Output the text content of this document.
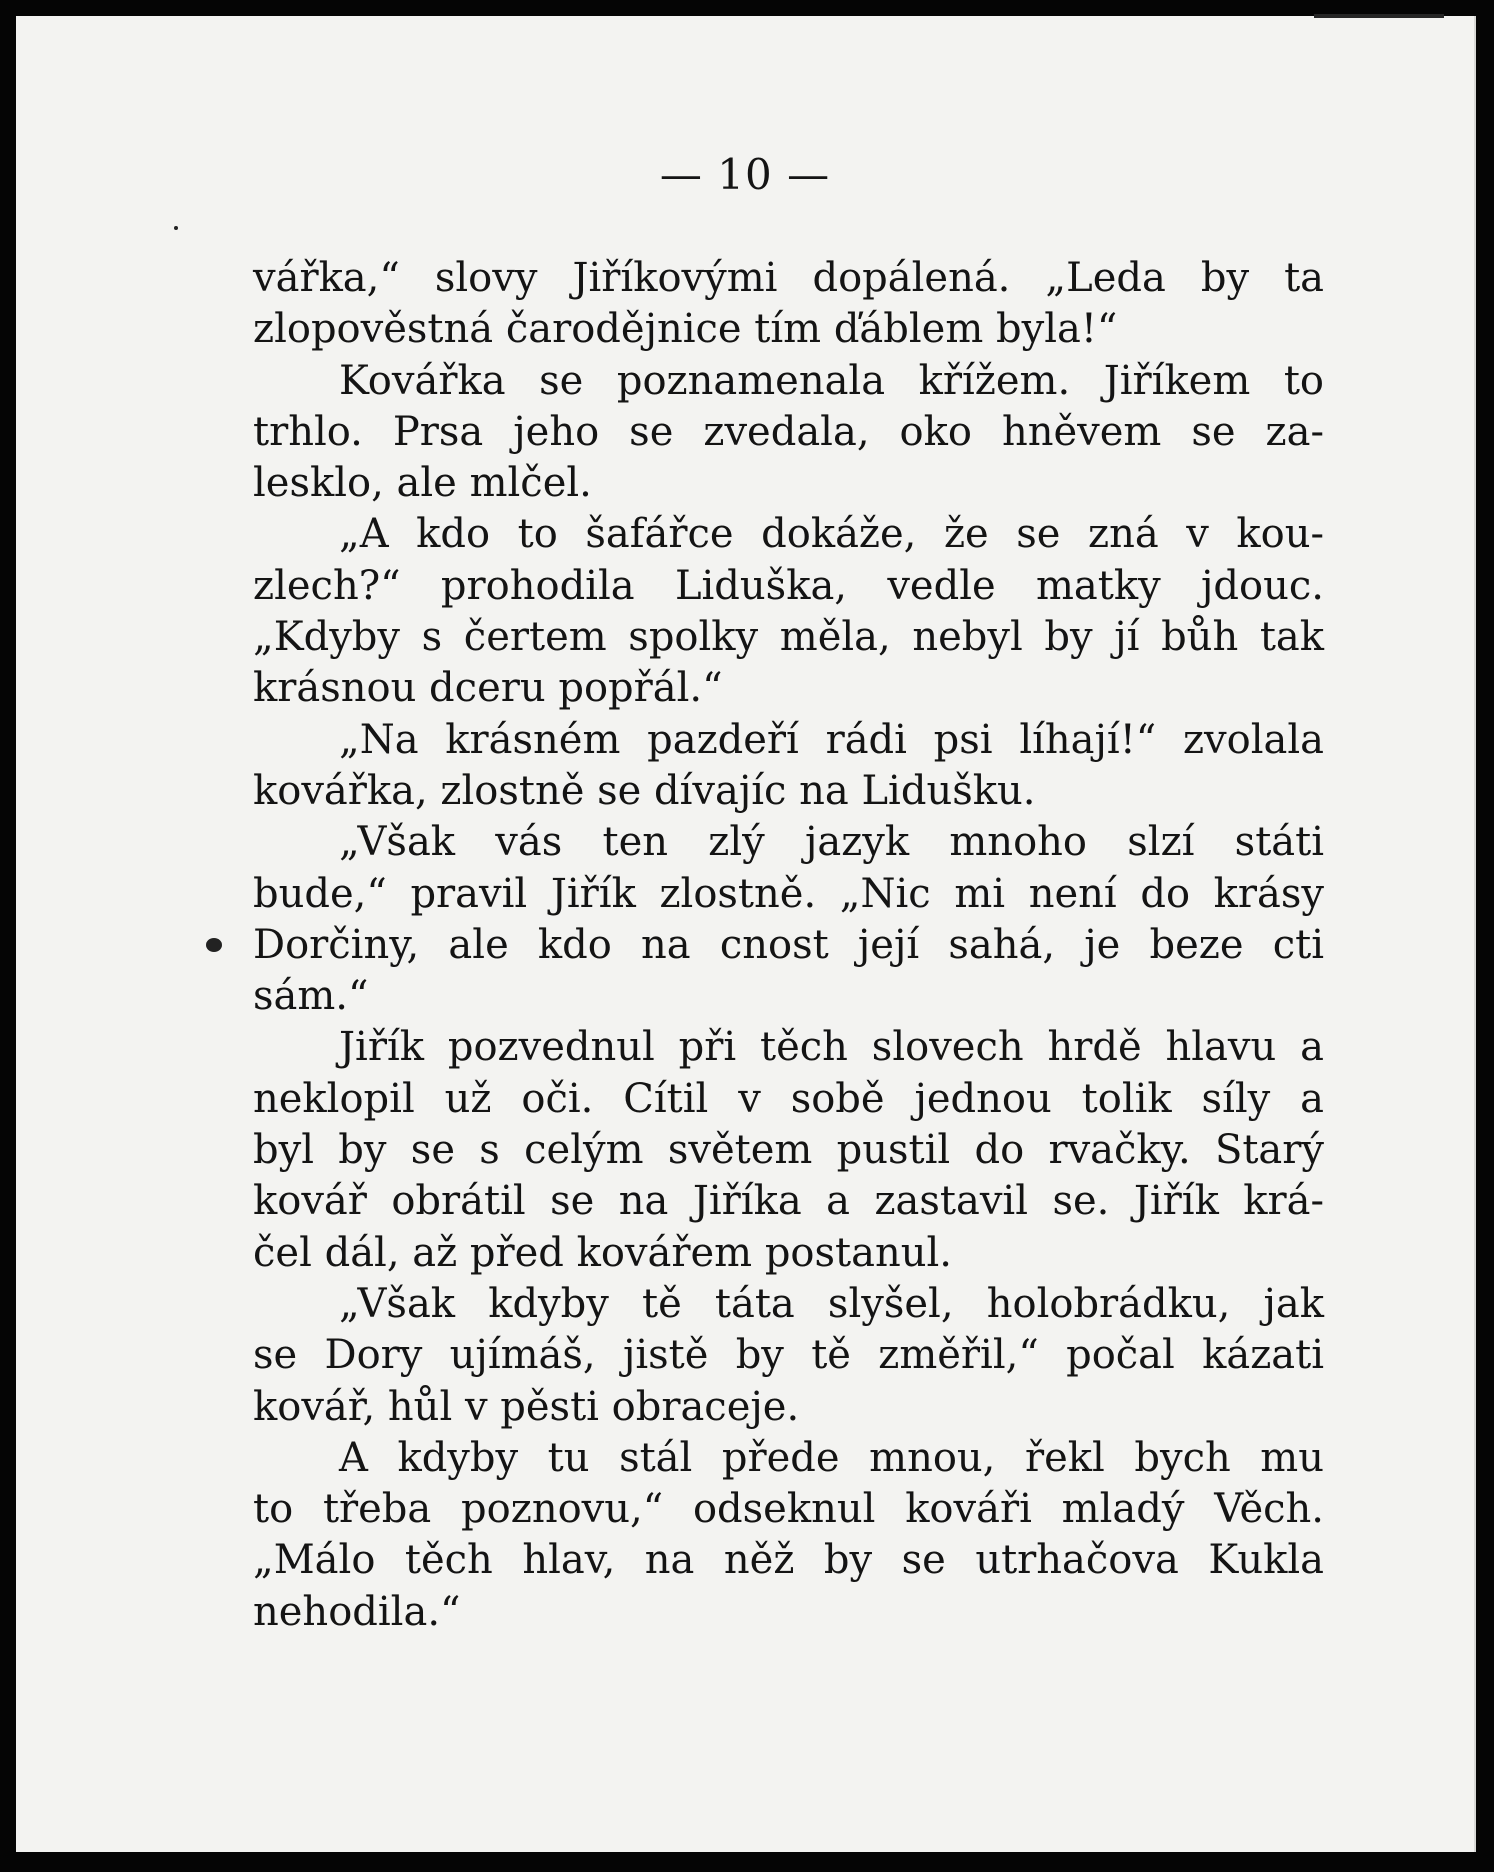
— 10 —
vářka,“ slovy Jiříkovými dopálená. „Leda by ta
zlopověstná čarodějnice tím ďáblem byla!“
Kovářka se poznamenala křížem. Jiříkem to
trhlo. Prsa jeho se zvedala, oko hněvem se za-
lesklo, ale mlčel.
„A kdo to šafářce dokáže, že se zná v kou-
zlech?“ prohodila Liduška, vedle matky jdouc.
„Kdyby s čertem spolky měla, nebyl by jí bůh tak
krásnou dceru popřál.“
„Na krásném pazdeří rádi psi líhají!“ zvolala
kovářka, zlostně se dívajíc na Lidušku.
„Však vás ten zlý jazyk mnoho slzí státi
bude,“ pravil Jiřík zlostně. „Nic mi není do krásy
Dorčiny, ale kdo na cnost její sahá, je beze cti
sám.“
Jiřík pozvednul při těch slovech hrdě hlavu a
neklopil už oči. Cítil v sobě jednou tolik síly a
byl by se s celým světem pustil do rvačky. Starý
kovář obrátil se na Jiříka a zastavil se. Jiřík krá-
čel dál, až před kovářem postanul.
„Však kdyby tě táta slyšel, holobrádku, jak
se Dory ujímáš, jistě by tě změřil,“ počal kázati
kovář, hůl v pěsti obraceje.
A kdyby tu stál přede mnou, řekl bych mu
to třeba poznovu,“ odseknul kováři mladý Věch.
„Málo těch hlav, na něž by se utrhačova Kukla
nehodila.“
